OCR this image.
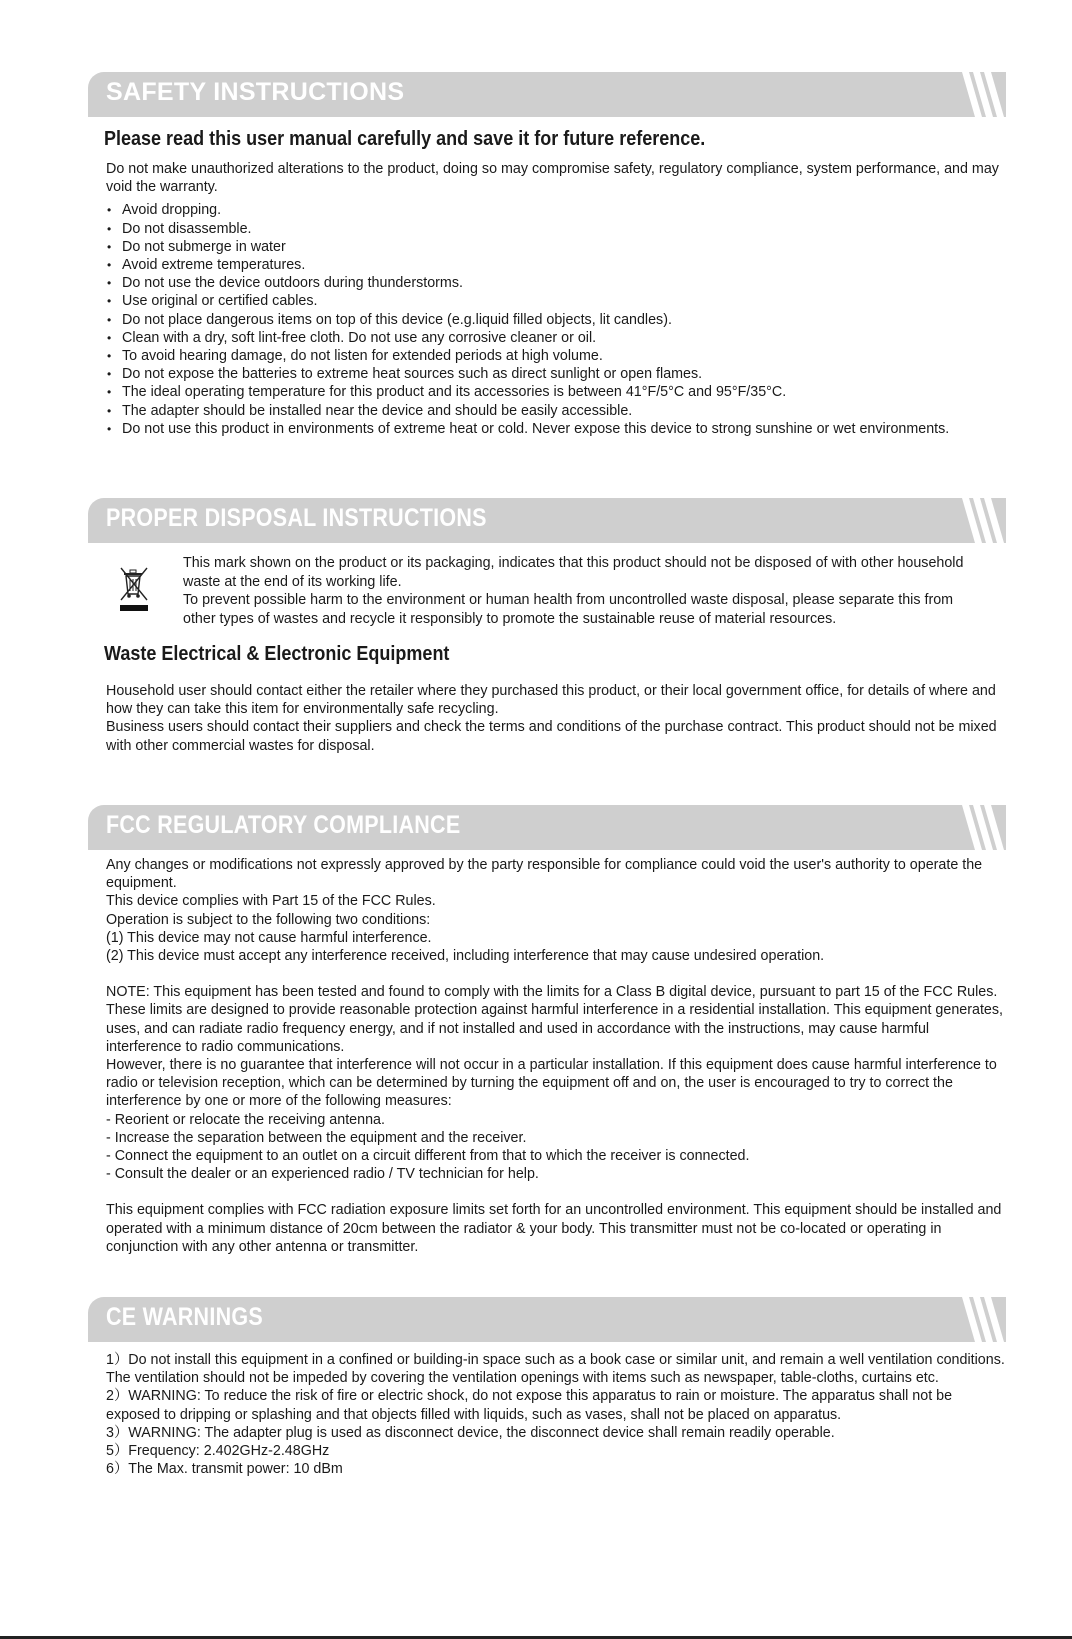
SAFETY INSTRUCTIONS
Please read this user manual carefully and save it for future reference.

Do not make unauthorized alterations to the product, doing so may compromise safety, regulatory compliance, system performance, and may void the warranty.

• Avoid dropping.
• Do not disassemble.
• Do not submerge in water
• Avoid extreme temperatures.
• Do not use the device outdoors during thunderstorms.
• Use original or certified cables.
• Do not place dangerous items on top of this device (e.g.liquid filled objects, lit candles).
• Clean with a dry, soft lint-free cloth. Do not use any corrosive cleaner or oil.
• To avoid hearing damage, do not listen for extended periods at high volume.
• Do not expose the batteries to extreme heat sources such as direct sunlight or open flames.
• The ideal operating temperature for this product and its accessories is between 41°F/5°C and 95°F/35°C.
• The adapter should be installed near the device and should be easily accessible.
• Do not use this product in environments of extreme heat or cold. Never expose this device to strong sunshine or wet environments.
PROPER DISPOSAL INSTRUCTIONS

This mark shown on the product or its packaging, indicates that this product should not be disposed of with other household waste at the end of its working life.

To prevent possible harm to the environment or human health from uncontrolled waste disposal, please separate this from other types of wastes and recycle it responsibly to promote the sustainable reuse of material resources.

Waste Electrical & Electronic Equipment

Household user should contact either the retailer where they purchased this product, or their local government office, for details of where and how they can take this item for environmentally safe recycling.

Business users should contact their suppliers and check the terms and conditions of the purchase contract. This product should not be mixed with other commercial wastes for disposal.

FCC REGULATORY COMPLIANCE

Any changes or modifications not expressly approved by the party responsible for compliance could void the user's authority to operate the equipment.

This device complies with Part 15 of the FCC Rules.

Operation is subject to the following two conditions:

(1) This device may not cause harmful interference.

(2) This device must accept any interference received, including interference that may cause undesired operation.

NOTE: This equipment has been tested and found to comply with the limits for a Class B digital device, pursuant to part 15 of the FCC Rules. These limits are designed to provide reasonable protection against harmful interference in a residential installation. This equipment generates, uses, and can radiate radio frequency energy, and if not installed and used in accordance with the instructions, may cause harmful interference to radio communications.

However, there is no guarantee that interference will not occur in a particular installation. If this equipment does cause harmful interference to radio or television reception, which can be determined by turning the equipment off and on, the user is encouraged to try to correct the interference by one or more of the following measures:

- Reorient or relocate the receiving antenna.

- Increase the separation between the equipment and the receiver.

- Connect the equipment to an outlet on a circuit different from that to which the receiver is connected.

- Consult the dealer or an experienced radio / TV technician for help.

This equipment complies with FCC radiation exposure limits set forth for an uncontrolled environment. This equipment should be installed and operated with a minimum distance of 20cm between the radiator & your body. This transmitter must not be co-located or operating in conjunction with any other antenna or transmitter.

CE WARNINGS

1）Do not install this equipment in a confined or building-in space such as a book case or similar unit, and remain a well ventilation conditions. The ventilation should not be impeded by covering the ventilation openings with items such as newspaper, table-cloths, curtains etc.

2）WARNING: To reduce the risk of fire or electric shock, do not expose this apparatus to rain or moisture. The apparatus shall not be exposed to dripping or splashing and that objects filled with liquids, such as vases, shall not be placed on apparatus.

3）WARNING: The adapter plug is used as disconnect device, the disconnect device shall remain readily operable.

5）Frequency: 2.402GHz-2.48GHz

6）The Max. transmit power: 10 dBm
